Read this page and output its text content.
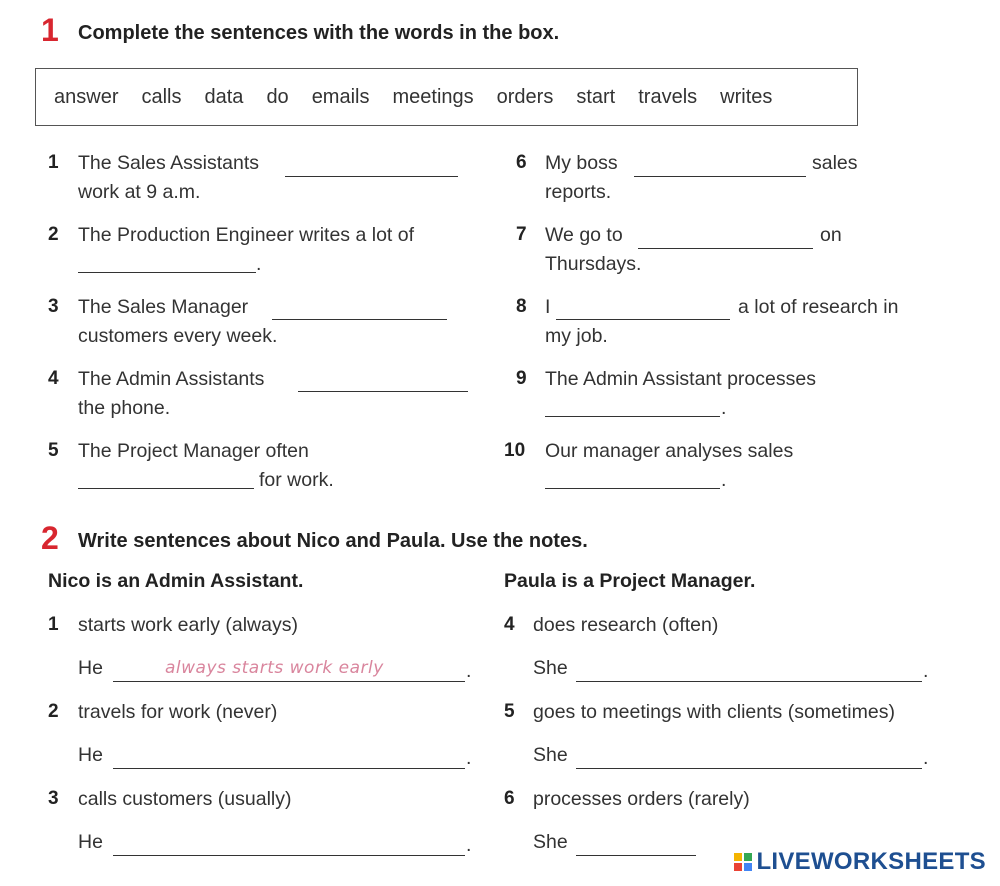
1 Complete the sentences with the words in the box.
answer calls data do emails meetings orders start travels writes
1 The Sales Assistants
work at 9 a.m.
2 The Production Engineer writes a lot of
.
3 The Sales Manager
customers every week.
4 The Admin Assistants
the phone.
5 The Project Manager often
for work.
6 My boss	sales
reports.
7 We go to	on
Thursdays.
8 I	a lot of research in
my job.
9 The Admin Assistant processes
.
10 Our manager analyses sales
.
2 Write sentences about Nico and Paula. Use the notes.
Nico is an Admin Assistant.	Paula is a Project Manager.
1 starts work early (always)
He	always starts work early	.
2 travels for work (never)
He	.
3 calls customers (usually)
He	.
4 does research (often)
She	.
5 goes to meetings with clients (sometimes)
She	.
6 processes orders (rarely)
She
LIVEWORKSHEETS
